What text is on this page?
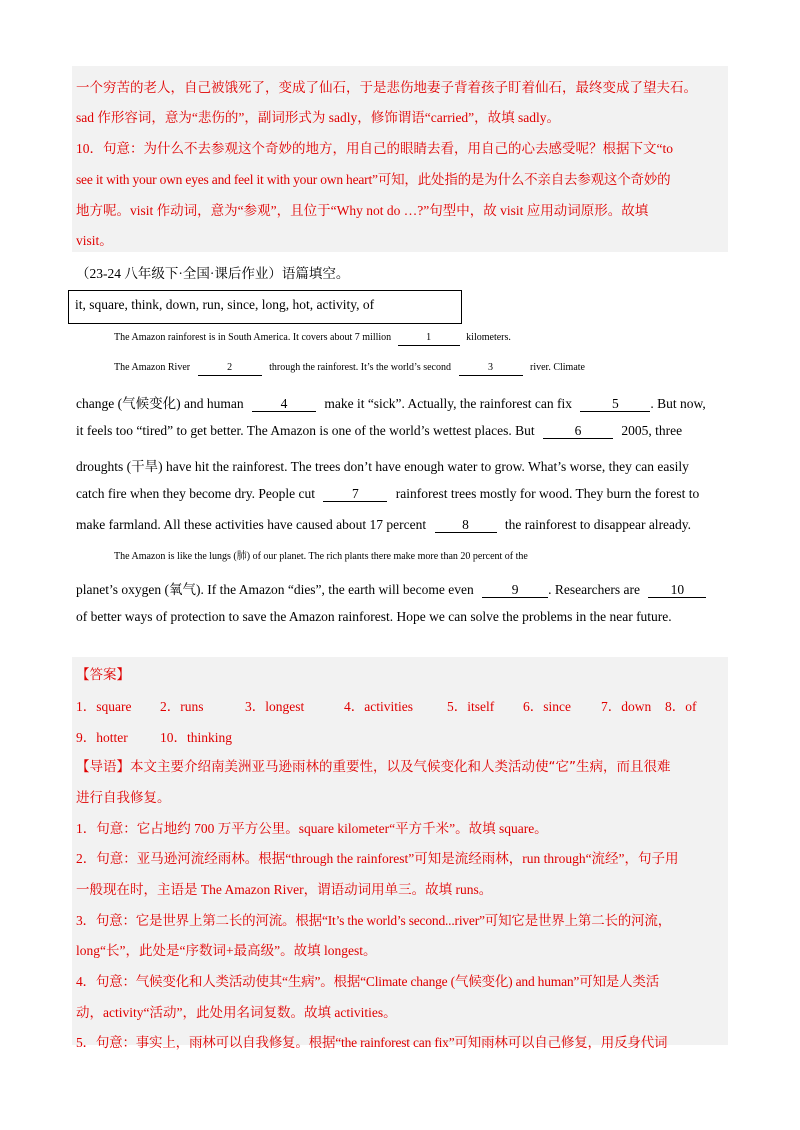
一个穷苦的老人，自己被饿死了，变成了仙石，于是悲伤地妻子背着孩子盯着仙石，最终变成了望夫石。
sad 作形容词，意为“悲伤的”，副词形式为 sadly，修饰谓语“carried”，故填 sadly。
10．句意：为什么不去参观这个奇妙的地方，用自己的眼睛去看，用自己的心去感受呢？根据下文“to
see it with your own eyes and feel it with your own heart”可知，此处指的是为什么不亲自去参观这个奇妙的
地方呢。visit 作动词，意为“参观”，且位于“Why not do …?”句型中，故 visit 应用动词原形。故填
visit。
（23-24 八年级下·全国·课后作业）语篇填空。
it, square, think, down, run, since, long, hot, activity, of
The Amazon rainforest is in South America. It covers about 7 million	1	kilometers.
The Amazon River	2	through the rainforest. It’s the world’s second	3	river. Climate
change (气候变化) and human	4	make it “sick”. Actually, the rainforest can fix	5 . But now,
it feels too “tired” to get better. The Amazon is one of the world’s wettest places. But	6	2005, three
droughts (干旱) have hit the rainforest. The trees don’t have enough water to grow. What’s worse, they can easily
catch fire when they become dry. People cut	7	rainforest trees mostly for wood. They burn the forest to
make farmland. All these activities have caused about 17 percent	8	the rainforest to disappear already.
The Amazon is like the lungs (肺) of our planet. The rich plants there make more than 20 percent of the
planet’s oxygen (氧气). If the Amazon “dies”, the earth will become even	9 . Researchers are 10
of better ways of protection to save the Amazon rainforest. Hope we can solve the problems in the near future.
【答案】
1．square 2．runs	3．longest	4．activities	5．itself 6．since 7．down 8．of
9．hotter 10．thinking
【导语】本文主要介绍南美洲亚马逊雨林的重要性，以及气候变化和人类活动使“它”生病，而且很难
进行自我修复。
1．句意：它占地约 700 万平方公里。square kilometer“平方千米”。故填 square。
2．句意：亚马逊河流经雨林。根据“through the rainforest”可知是流经雨林，run through“流经”，句子用
一般现在时，主语是 The Amazon River，谓语动词用单三。故填 runs。
3．句意：它是世界上第二长的河流。根据“It’s the world’s second...river”可知它是世界上第二长的河流，
long“长”，此处是“序数词+最高级”。故填 longest。
4．句意：气候变化和人类活动使其“生病”。根据“Climate change (气候变化) and human”可知是人类活
动，activity“活动”，此处用名词复数。故填 activities。
5．句意：事实上，雨林可以自我修复。根据“the rainforest can fix”可知雨林可以自己修复，用反身代词
